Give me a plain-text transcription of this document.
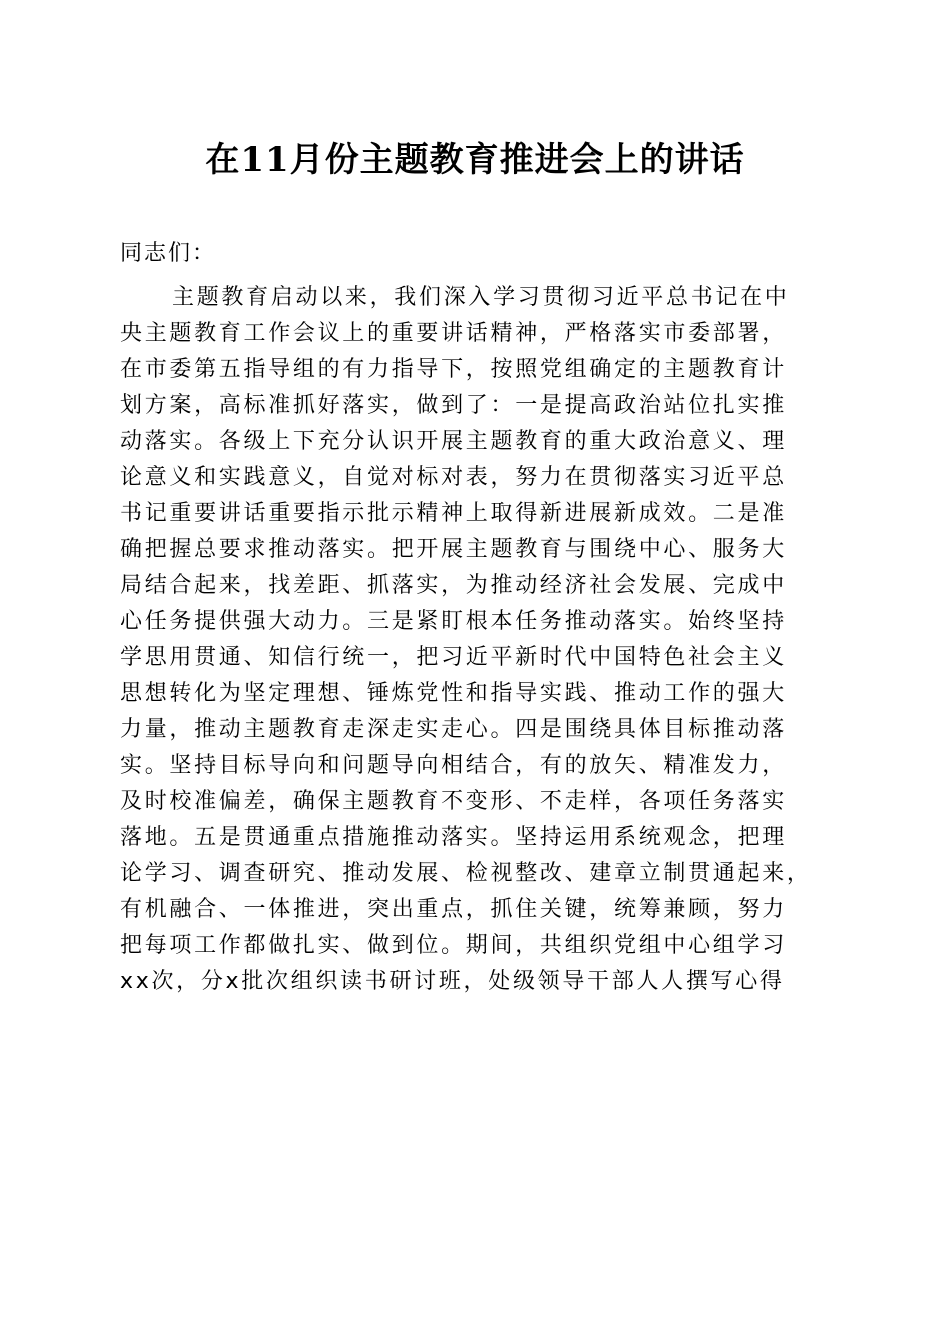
在11月份主题教育推进会上的讲话
同志们：
主题教育启动以来，我们深入学习贯彻习近平总书记在中
央主题教育工作会议上的重要讲话精神，严格落实市委部署，
在市委第五指导组的有力指导下，按照党组确定的主题教育计
划方案，高标准抓好落实，做到了：一是提高政治站位扎实推
动落实。各级上下充分认识开展主题教育的重大政治意义、理
论意义和实践意义，自觉对标对表，努力在贯彻落实习近平总
书记重要讲话重要指示批示精神上取得新进展新成效。二是准
确把握总要求推动落实。把开展主题教育与围绕中心、服务大
局结合起来，找差距、抓落实，为推动经济社会发展、完成中
心任务提供强大动力。三是紧盯根本任务推动落实。始终坚持
学思用贯通、知信行统一，把习近平新时代中国特色社会主义
思想转化为坚定理想、锤炼党性和指导实践、推动工作的强大
力量，推动主题教育走深走实走心。四是围绕具体目标推动落
实。坚持目标导向和问题导向相结合，有的放矢、精准发力，
及时校准偏差，确保主题教育不变形、不走样，各项任务落实
落地。五是贯通重点措施推动落实。坚持运用系统观念，把理
论学习、调查研究、推动发展、检视整改、建章立制贯通起来，
有机融合、一体推进，突出重点，抓住关键，统筹兼顾，努力
把每项工作都做扎实、做到位。期间，共组织党组中心组学习
xx次，分x批次组织读书研讨班，处级领导干部人人撰写心得
